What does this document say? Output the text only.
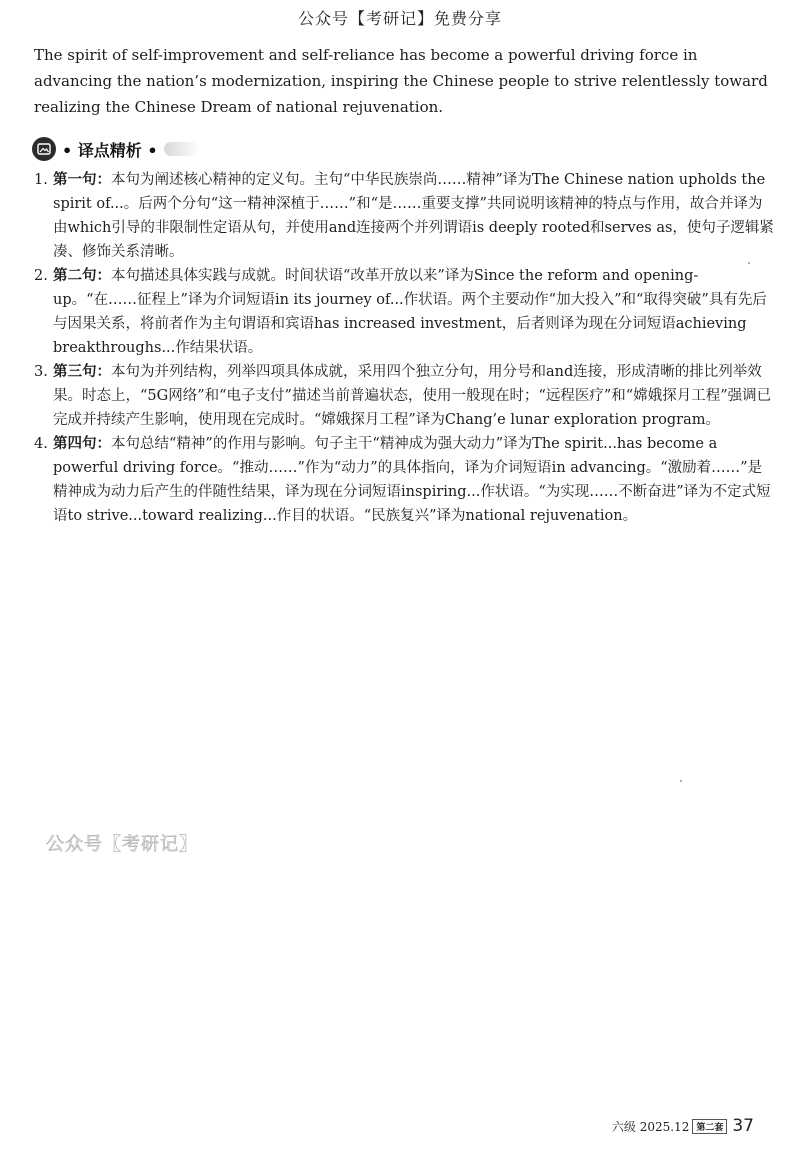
公众号【考研记】免费分享
The spirit of self-improvement and self-reliance has become a powerful driving force in advancing the nation’s modernization, inspiring the Chinese people to strive relentlessly toward realizing the Chinese Dream of national rejuvenation.
• 译点精析 •
1. 第一句：本句为阐述核心精神的定义句。主句“中华民族崇尚……精神”译为The Chinese nation upholds the spirit of...。后两个分句“这一精神深植于……”和“是……重要支撑”共同说明该精神的特点与作用，故合并译为由which引导的非限制性定语从句，并使用and连接两个并列谓语is deeply rooted和serves as，使句子逻辑紧凑、修饰关系清晰。
2. 第二句：本句描述具体实践与成就。时间状语“改革开放以来”译为Since the reform and opening-up。“在……征程上”译为介词短语in its journey of...作状语。两个主要动作“加大投入”和“取得突破”具有先后与因果关系，将前者作为主句谓语和宾语has increased investment，后者则译为现在分词短语achieving breakthroughs...作结果状语。
3. 第三句：本句为并列结构，列举四项具体成就，采用四个独立分句，用分号和and连接，形成清晰的排比列举效果。时态上，“5G网络”和“电子支付”描述当前普遍状态，使用一般现在时；“远程医疗”和“嫦娥探月工程”强调已完成并持续产生影响，使用现在完成时。“嫦娥探月工程”译为Chang’e lunar exploration program。
4. 第四句：本句总结“精神”的作用与影响。句子主干“精神成为强大动力”译为The spirit...has become a powerful driving force。“推动……”作为“动力”的具体指向，译为介词短语in advancing。“激励着……”是精神成为动力后产生的伴随性结果，译为现在分词短语inspiring...作状语。“为实现……不断奋进”译为不定式短语to strive...toward realizing...作目的状语。“民族复兴”译为national rejuvenation。
公众号【考研记】
六级 2025.12 第二套 37
